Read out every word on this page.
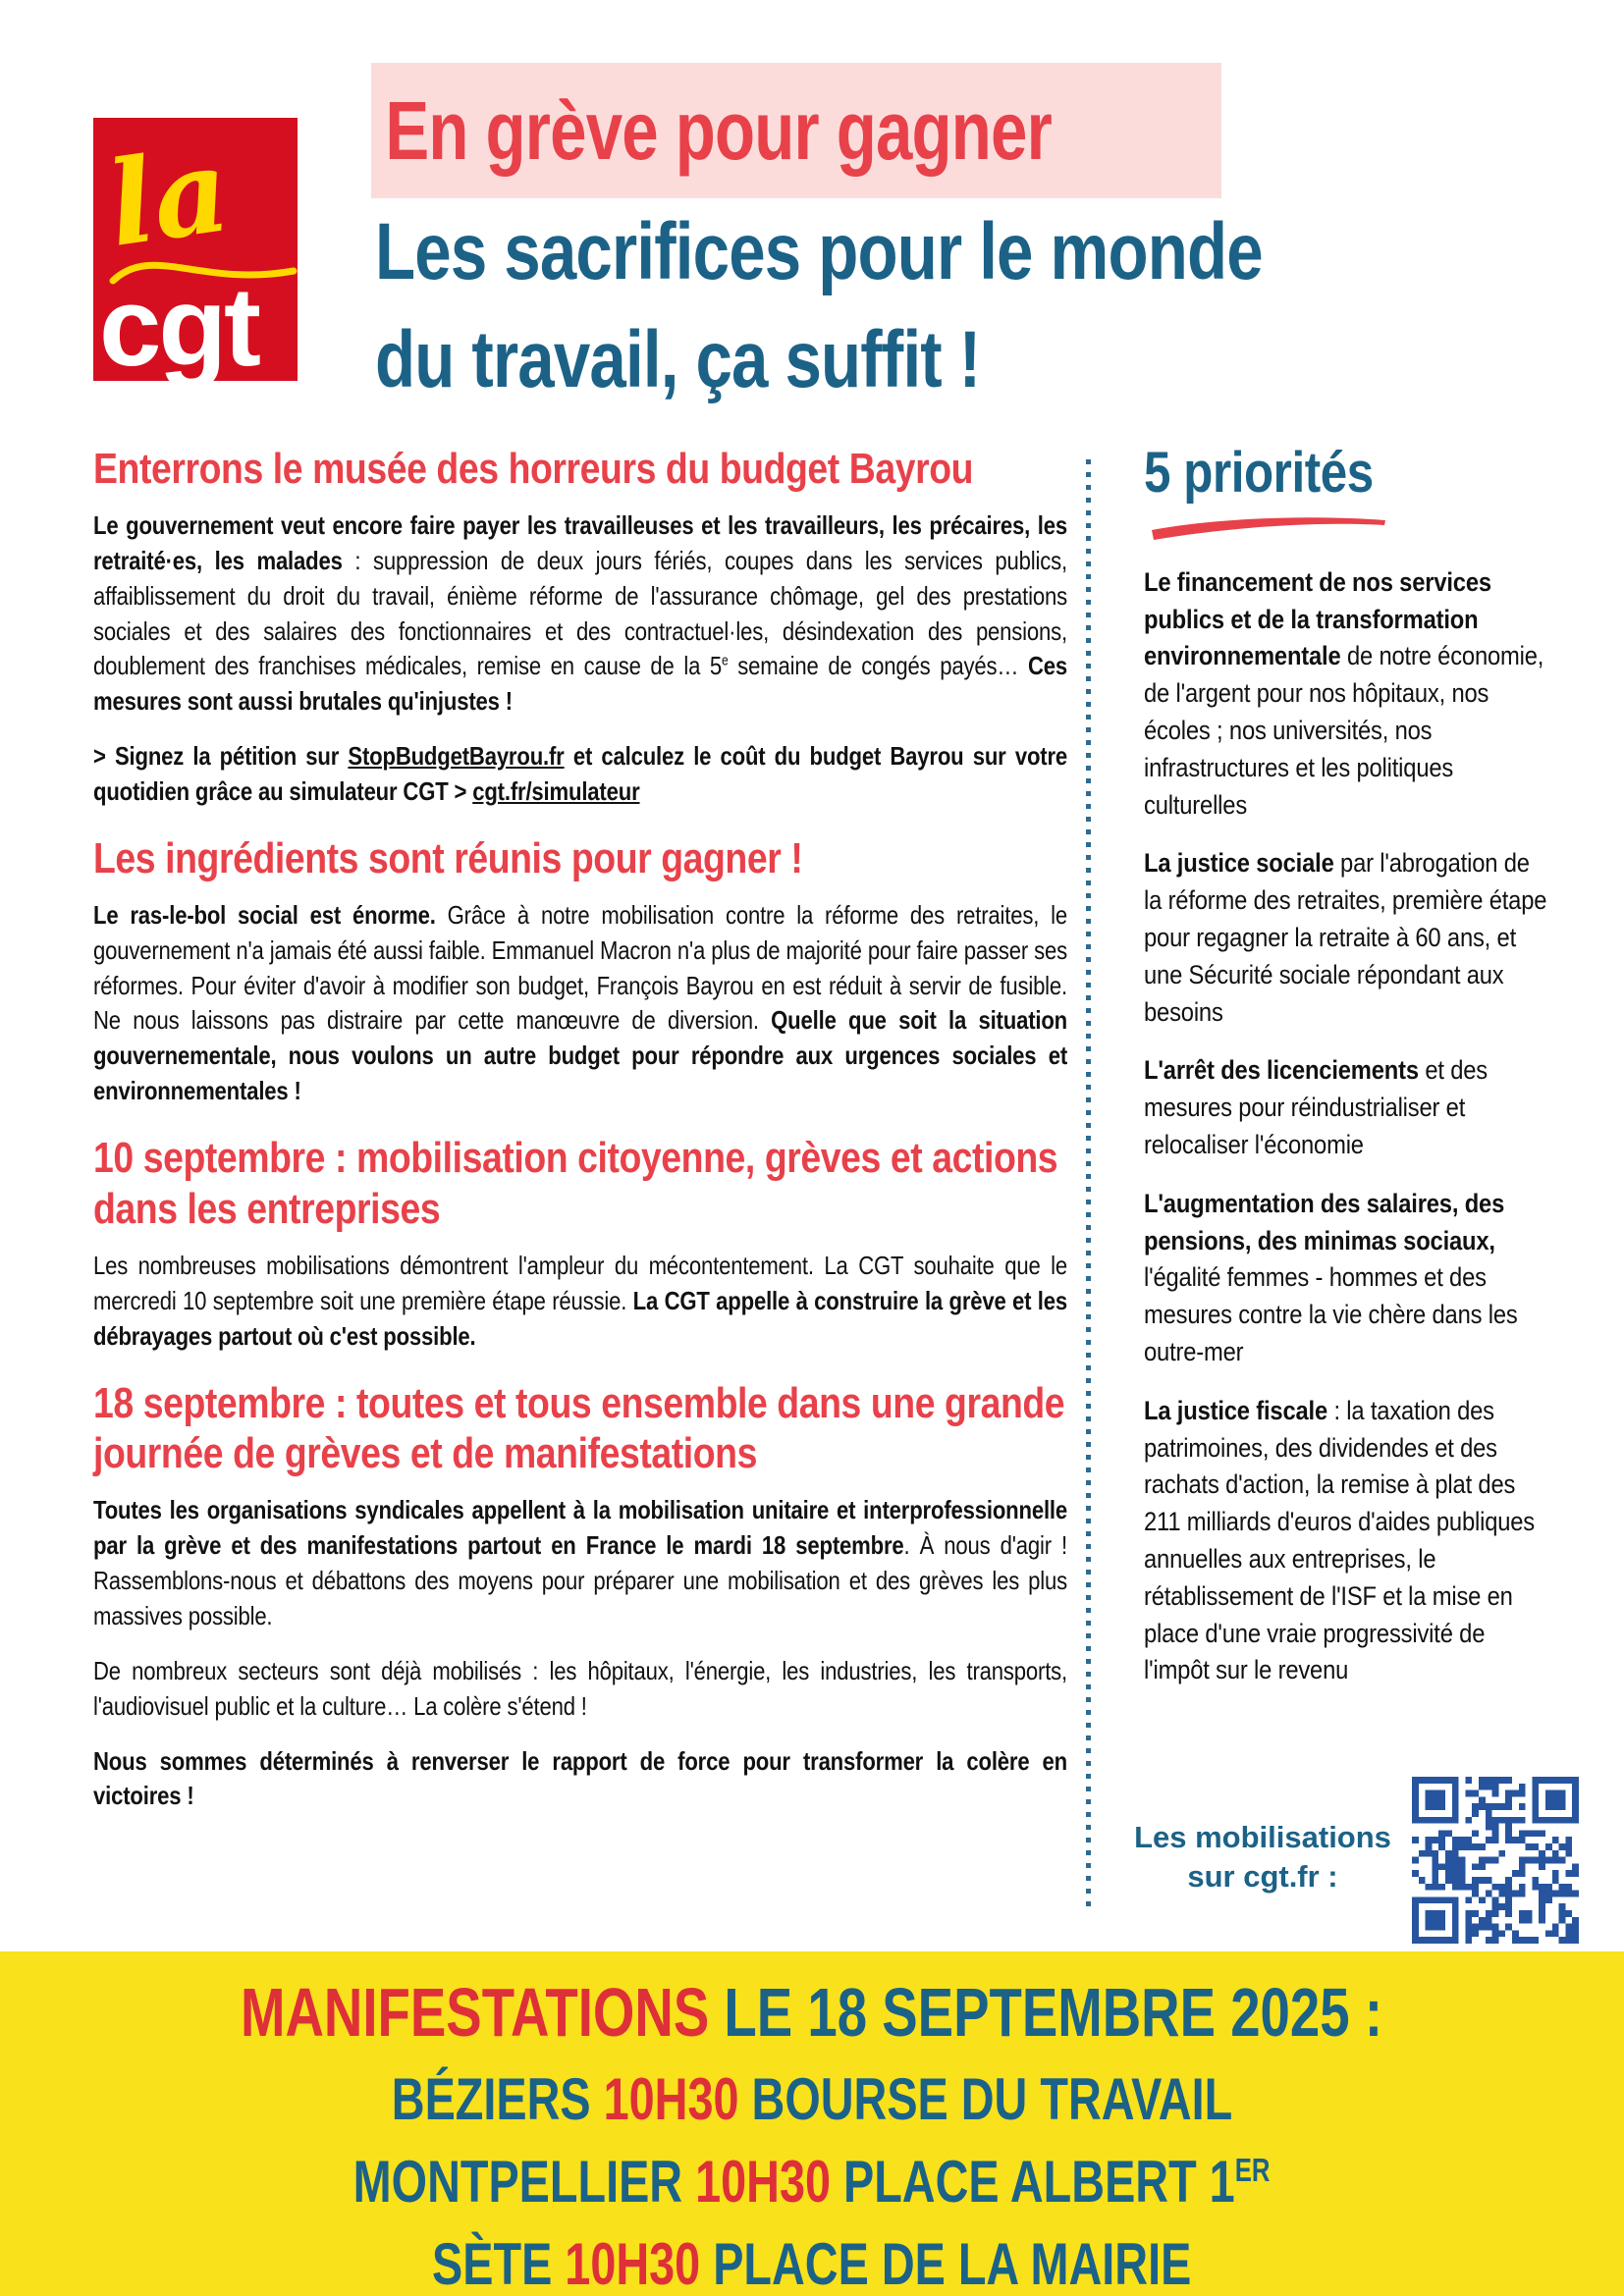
la
cgt
En grève pour gagner
Les sacrifices pour le monde
du travail, ça suffit !
Enterrons le musée des horreurs du budget Bayrou

Le gouvernement veut encore faire payer les travailleuses et les travailleurs, les précaires, les retraité·es, les malades : suppression de deux jours fériés, coupes dans les services publics, affaiblissement du droit du travail, énième réforme de l'assurance chômage, gel des prestations sociales et des salaires des fonctionnaires et des contractuel·les, désindexation des pensions, doublement des franchises médicales, remise en cause de la 5e semaine de congés payés… Ces mesures sont aussi brutales qu'injustes !

> Signez la pétition sur StopBudgetBayrou.fr et calculez le coût du budget Bayrou sur votre quotidien grâce au simulateur CGT > cgt.fr/simulateur

Les ingrédients sont réunis pour gagner !

Le ras-le-bol social est énorme. Grâce à notre mobilisation contre la réforme des retraites, le gouvernement n'a jamais été aussi faible. Emmanuel Macron n'a plus de majorité pour faire passer ses réformes. Pour éviter d'avoir à modifier son budget, François Bayrou en est réduit à servir de fusible. Ne nous laissons pas distraire par cette manœuvre de diversion. Quelle que soit la situation gouvernementale, nous voulons un autre budget pour répondre aux urgences sociales et environnementales !

10 septembre : mobilisation citoyenne, grèves et actions dans les entreprises

Les nombreuses mobilisations démontrent l'ampleur du mécontentement. La CGT souhaite que le mercredi 10 septembre soit une première étape réussie. La CGT appelle à construire la grève et les débrayages partout où c'est possible.

18 septembre : toutes et tous ensemble dans une grande journée de grèves et de manifestations

Toutes les organisations syndicales appellent à la mobilisation unitaire et interprofessionnelle par la grève et des manifestations partout en France le mardi 18 septembre. À nous d'agir ! Rassemblons-nous et débattons des moyens pour préparer une mobilisation et des grèves les plus massives possible.

De nombreux secteurs sont déjà mobilisés : les hôpitaux, l'énergie, les industries, les transports, l'audiovisuel public et la culture… La colère s'étend !

Nous sommes déterminés à renverser le rapport de force pour transformer la colère en victoires !

5 priorités

Le financement de nos services publics et de la transformation environnementale de notre économie, de l'argent pour nos hôpitaux, nos écoles ; nos universités, nos infrastructures et les politiques culturelles

La justice sociale par l'abrogation de la réforme des retraites, première étape pour regagner la retraite à 60 ans, et une Sécurité sociale répondant aux besoins

L'arrêt des licenciements et des mesures pour réindustrialiser et relocaliser l'économie

L'augmentation des salaires, des pensions, des minimas sociaux, l'égalité femmes - hommes et des mesures contre la vie chère dans les outre-mer

La justice fiscale : la taxation des patrimoines, des dividendes et des rachats d'action, la remise à plat des 211 milliards d'euros d'aides publiques annuelles aux entreprises, le rétablissement de l'ISF et la mise en place d'une vraie progressivité de l'impôt sur le revenu

Les mobilisations
sur cgt.fr :
MANIFESTATIONS LE 18 SEPTEMBRE 2025 :
BÉZIERS 10H30 BOURSE DU TRAVAIL
MONTPELLIER 10H30 PLACE ALBERT 1ER
SÈTE 10H30 PLACE DE LA MAIRIE
